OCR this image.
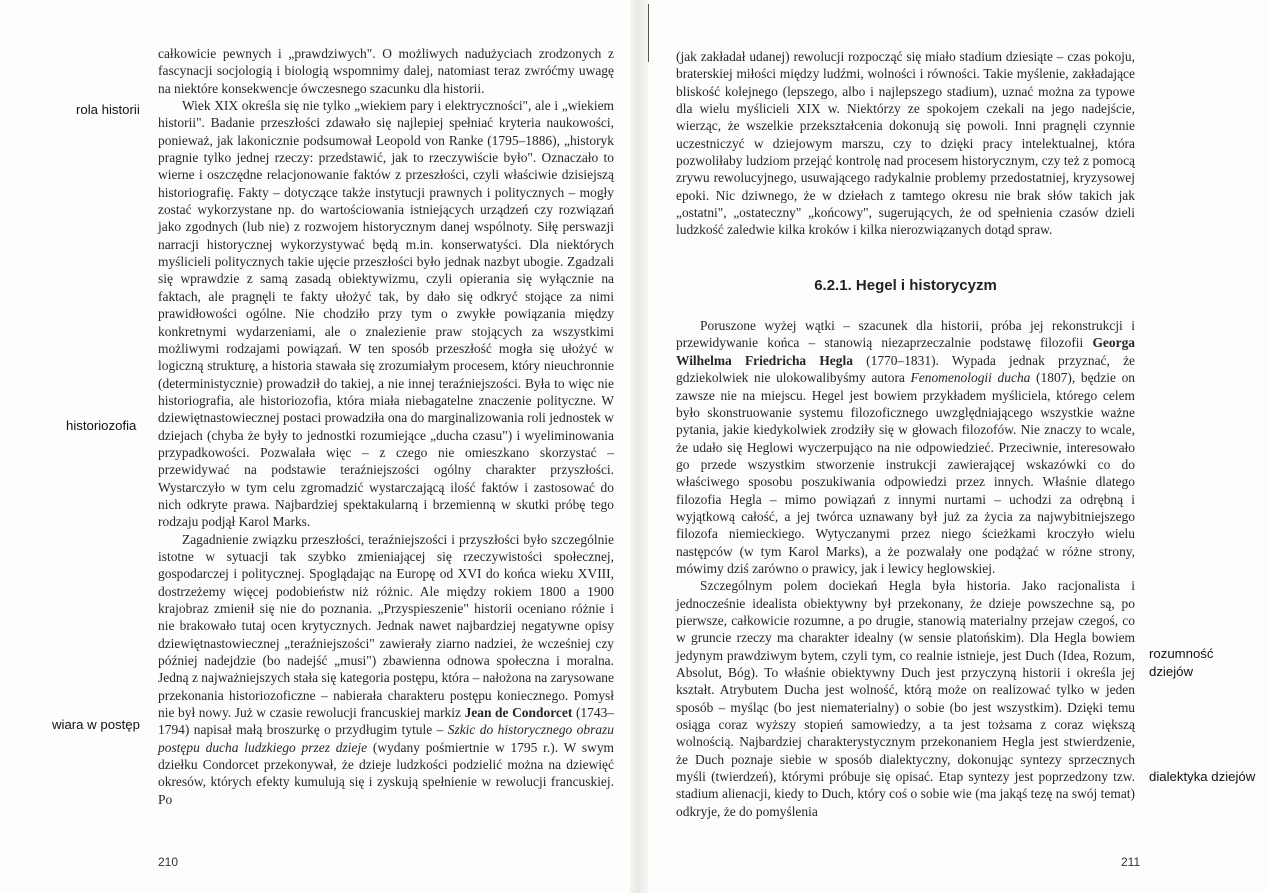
rola historii
historiozofia
wiara w postęp

całkowicie pewnych i „prawdziwych". O możliwych nadużyciach zrodzonych z fascynacji socjologią i biologią wspomnimy dalej, natomiast teraz zwróćmy uwagę na niektóre konsekwencje ówczesnego szacunku dla historii.

Wiek XIX określa się nie tylko „wiekiem pary i elektryczności", ale i „wiekiem historii". Badanie przeszłości zdawało się najlepiej spełniać kryteria naukowości, ponieważ, jak lakonicznie podsumował Leopold von Ranke (1795–1886), „historyk pragnie tylko jednej rzeczy: przedstawić, jak to rzeczywiście było". Oznaczało to wierne i oszczędne relacjonowanie faktów z przeszłości, czyli właściwie dzisiejszą historiografię. Fakty – dotyczące także instytucji prawnych i politycznych – mogły zostać wykorzystane np. do wartościowania istniejących urządzeń czy rozwiązań jako zgodnych (lub nie) z rozwojem historycznym danej wspólnoty. Siłę perswazji narracji historycznej wykorzystywać będą m.in. konserwatyści. Dla niektórych myślicieli politycznych takie ujęcie przeszłości było jednak nazbyt ubogie. Zgadzali się wprawdzie z samą zasadą obiektywizmu, czyli opierania się wyłącznie na faktach, ale pragnęli te fakty ułożyć tak, by dało się odkryć stojące za nimi prawidłowości ogólne. Nie chodziło przy tym o zwykłe powiązania między konkretnymi wydarzeniami, ale o znalezienie praw stojących za wszystkimi możliwymi rodzajami powiązań. W ten sposób przeszłość mogła się ułożyć w logiczną strukturę, a historia stawała się zrozumiałym procesem, który nieuchronnie (deterministycznie) prowadził do takiej, a nie innej teraźniejszości. Była to więc nie historiografia, ale historiozofia, która miała niebagatelne znaczenie polityczne. W dziewiętnastowiecznej postaci prowadziła ona do marginalizowania roli jednostek w dziejach (chyba że były to jednostki rozumiejące „ducha czasu") i wyeliminowania przypadkowości. Pozwalała więc – z czego nie omieszkano skorzystać – przewidywać na podstawie teraźniejszości ogólny charakter przyszłości. Wystarczyło w tym celu zgromadzić wystarczającą ilość faktów i zastosować do nich odkryte prawa. Najbardziej spektakularną i brzemienną w skutki próbę tego rodzaju podjął Karol Marks.

Zagadnienie związku przeszłości, teraźniejszości i przyszłości było szczególnie istotne w sytuacji tak szybko zmieniającej się rzeczywistości społecznej, gospodarczej i politycznej. Spoglądając na Europę od XVI do końca wieku XVIII, dostrzeżemy więcej podobieństw niż różnic. Ale między rokiem 1800 a 1900 krajobraz zmienił się nie do poznania. „Przyspieszenie" historii oceniano różnie i nie brakowało tutaj ocen krytycznych. Jednak nawet najbardziej negatywne opisy dziewiętnastowiecznej „teraźniejszości" zawierały ziarno nadziei, że wcześniej czy później nadejdzie (bo nadejść „musi") zbawienna odnowa społeczna i moralna. Jedną z najważniejszych stała się kategoria postępu, która – nałożona na zarysowane przekonania historiozoficzne – nabierała charakteru postępu koniecznego. Pomysł nie był nowy. Już w czasie rewolucji francuskiej markiz Jean de Condorcet (1743–1794) napisał małą broszurkę o przydługim tytule – Szkic do historycznego obrazu postępu ducha ludzkiego przez dzieje (wydany pośmiertnie w 1795 r.). W swym dziełku Condorcet przekonywał, że dzieje ludzkości podzielić można na dziewięć okresów, których efekty kumulują się i zyskują spełnienie w rewolucji francuskiej. Po

210
rozumność dziejów
dialektyka dziejów

(jak zakładał udanej) rewolucji rozpocząć się miało stadium dziesiąte – czas pokoju, braterskiej miłości między ludźmi, wolności i równości. Takie myślenie, zakładające bliskość kolejnego (lepszego, albo i najlepszego stadium), uznać można za typowe dla wielu myślicieli XIX w. Niektórzy ze spokojem czekali na jego nadejście, wierząc, że wszelkie przekształcenia dokonują się powoli. Inni pragnęli czynnie uczestniczyć w dziejowym marszu, czy to dzięki pracy intelektualnej, która pozwoliłaby ludziom przejąć kontrolę nad procesem historycznym, czy też z pomocą zrywu rewolucyjnego, usuwającego radykalnie problemy przedostatniej, kryzysowej epoki. Nic dziwnego, że w dziełach z tamtego okresu nie brak słów takich jak „ostatni", „ostateczny" „końcowy", sugerujących, że od spełnienia czasów dzieli ludzkość zaledwie kilka kroków i kilka nierozwiązanych dotąd spraw.

6.2.1. Hegel i historycyzm

Poruszone wyżej wątki – szacunek dla historii, próba jej rekonstrukcji i przewidywanie końca – stanowią niezaprzeczalnie podstawę filozofii Georga Wilhelma Friedricha Hegla (1770–1831). Wypada jednak przyznać, że gdziekolwiek nie ulokowalibyśmy autora Fenomenologii ducha (1807), będzie on zawsze nie na miejscu. Hegel jest bowiem przykładem myśliciela, którego celem było skonstruowanie systemu filozoficznego uwzględniającego wszystkie ważne pytania, jakie kiedykolwiek zrodziły się w głowach filozofów. Nie znaczy to wcale, że udało się Heglowi wyczerpująco na nie odpowiedzieć. Przeciwnie, interesowało go przede wszystkim stworzenie instrukcji zawierającej wskazówki co do właściwego sposobu poszukiwania odpowiedzi przez innych. Właśnie dlatego filozofia Hegla – mimo powiązań z innymi nurtami – uchodzi za odrębną i wyjątkową całość, a jej twórca uznawany był już za życia za najwybitniejszego filozofa niemieckiego. Wytyczanymi przez niego ścieżkami kroczyło wielu następców (w tym Karol Marks), a że pozwalały one podążać w różne strony, mówimy dziś zarówno o prawicy, jak i lewicy heglowskiej.

Szczególnym polem dociekań Hegla była historia. Jako racjonalista i jednocześnie idealista obiektywny był przekonany, że dzieje powszechne są, po pierwsze, całkowicie rozumne, a po drugie, stanowią materialny przejaw czegoś, co w gruncie rzeczy ma charakter idealny (w sensie platońskim). Dla Hegla bowiem jedynym prawdziwym bytem, czyli tym, co realnie istnieje, jest Duch (Idea, Rozum, Absolut, Bóg). To właśnie obiektywny Duch jest przyczyną historii i określa jej kształt. Atrybutem Ducha jest wolność, którą może on realizować tylko w jeden sposób – myśląc (bo jest niematerialny) o sobie (bo jest wszystkim). Dzięki temu osiąga coraz wyższy stopień samowiedzy, a ta jest tożsama z coraz większą wolnością. Najbardziej charakterystycznym przekonaniem Hegla jest stwierdzenie, że Duch poznaje siebie w sposób dialektyczny, dokonując syntezy sprzecznych myśli (twierdzeń), którymi próbuje się opisać. Etap syntezy jest poprzedzony tzw. stadium alienacji, kiedy to Duch, który coś o sobie wie (ma jakąś tezę na swój temat) odkryje, że do pomyślenia

211
